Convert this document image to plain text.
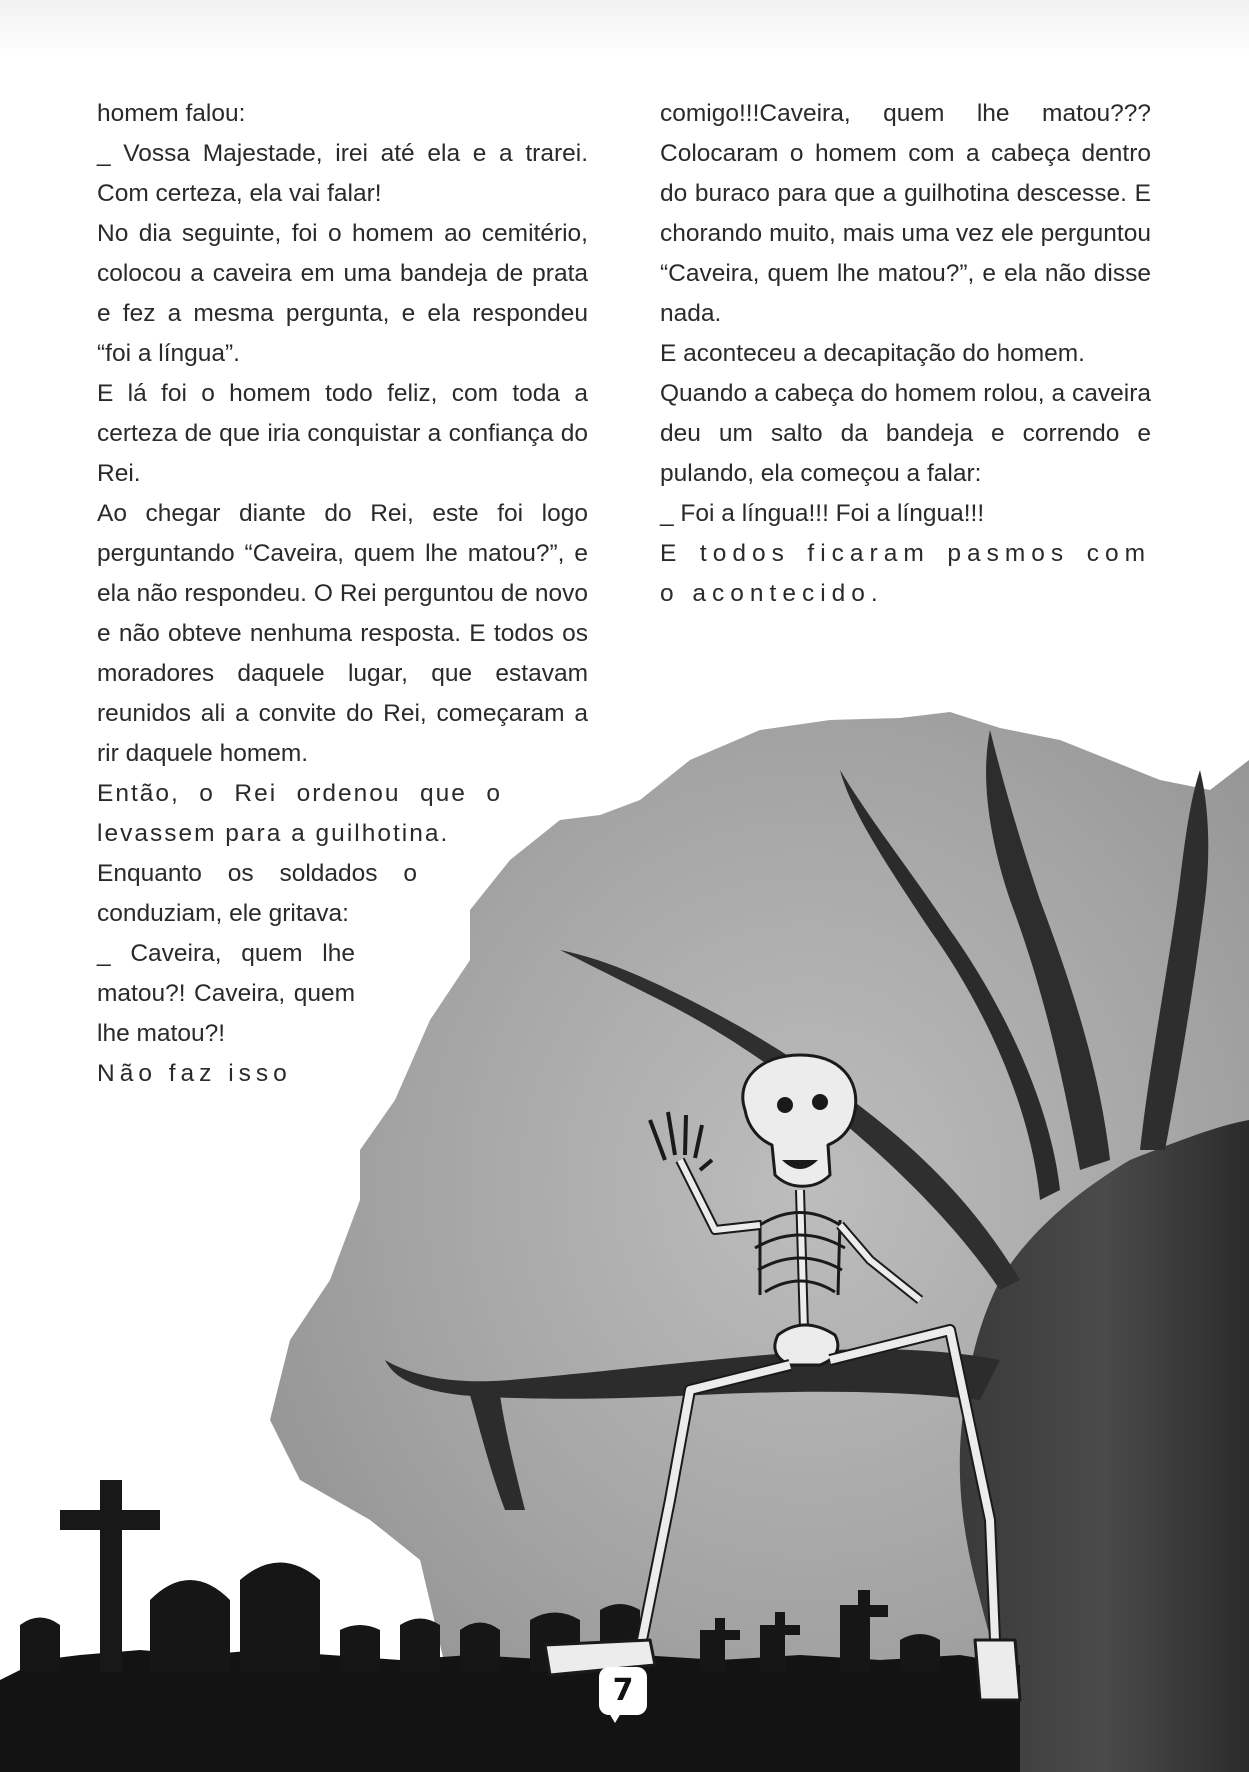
homem falou:

_ Vossa Majestade, irei até ela e a trarei. Com certeza, ela vai falar!

No dia seguinte, foi o homem ao cemitério, colocou a caveira em uma bandeja de prata e fez a mesma pergunta, e ela respondeu “foi a língua”.

E lá foi o homem todo feliz, com toda a certeza de que iria conquistar a confiança do Rei.

Ao chegar diante do Rei, este foi logo perguntando “Caveira, quem lhe matou?”, e ela não respondeu. O Rei perguntou de novo e não obteve nenhuma resposta. E todos os moradores daquele lugar, que estavam reunidos ali a convite do Rei, começaram a rir daquele homem.

Então, o Rei ordenou que o levassem para a guilhotina.

Enquanto os soldados o conduziam, ele gritava:

_ Caveira, quem lhe matou?! Caveira, quem lhe matou?!

Não faz isso

comigo!!!Caveira, quem lhe matou??? Colocaram o homem com a cabeça dentro do buraco para que a guilhotina descesse. E chorando muito, mais uma vez ele perguntou “Caveira, quem lhe matou?”, e ela não disse nada.

E aconteceu a decapitação do homem.

Quando a cabeça do homem rolou, a caveira deu um salto da bandeja e correndo e pulando, ela começou a falar:

_ Foi a língua!!! Foi a língua!!!

E todos ficaram pasmos com o acontecido.

7
